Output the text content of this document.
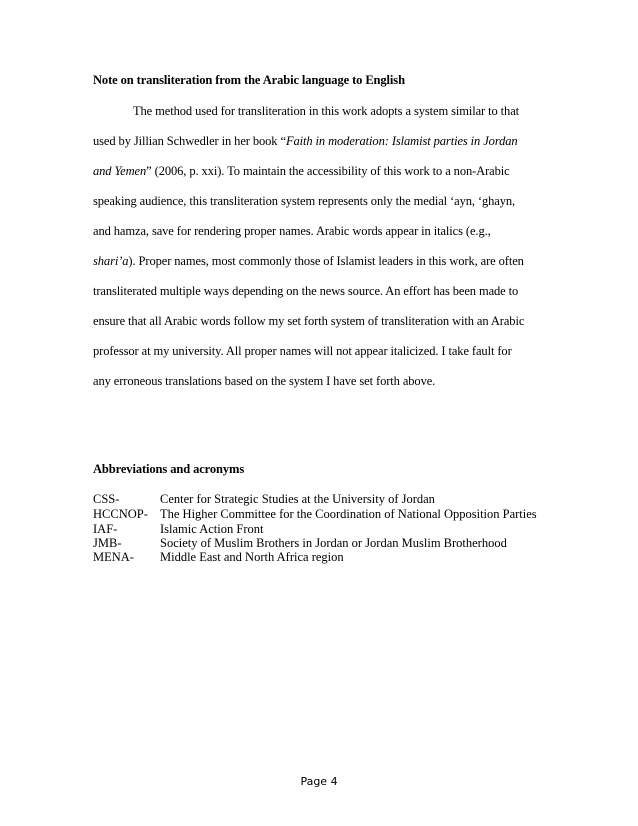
Note on transliteration from the Arabic language to English
The method used for transliteration in this work adopts a system similar to that
used by Jillian Schwedler in her book “Faith in moderation: Islamist parties in Jordan
and Yemen” (2006, p. xxi). To maintain the accessibility of this work to a non-Arabic
speaking audience, this transliteration system represents only the medial ‘ayn, ‘ghayn,
and hamza, save for rendering proper names. Arabic words appear in italics (e.g.,
shari’a). Proper names, most commonly those of Islamist leaders in this work, are often
transliterated multiple ways depending on the news source. An effort has been made to
ensure that all Arabic words follow my set forth system of transliteration with an Arabic
professor at my university. All proper names will not appear italicized. I take fault for
any erroneous translations based on the system I have set forth above.
Abbreviations and acronyms
CSS-	Center for Strategic Studies at the University of Jordan
HCCNOP- The Higher Committee for the Coordination of National Opposition Parties
IAF-	Islamic Action Front
JMB-	Society of Muslim Brothers in Jordan or Jordan Muslim Brotherhood
MENA- Middle East and North Africa region
Page 4
